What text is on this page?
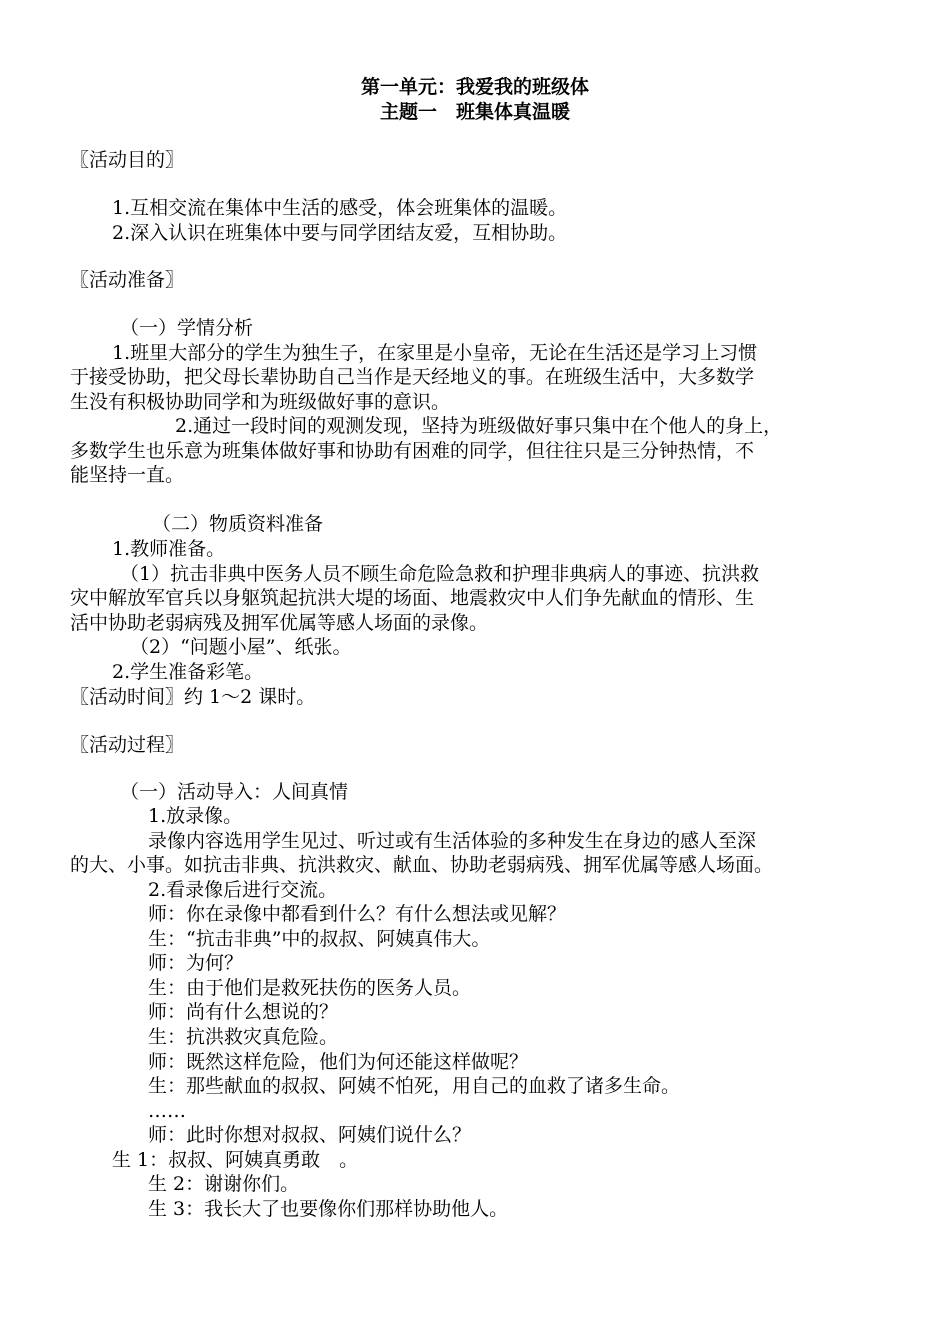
第一单元：我爱我的班级体
主题一　班集体真温暖
〖活动目的〗
1.互相交流在集体中生活的感受，体会班集体的温暖。
2.深入认识在班集体中要与同学团结友爱，互相协助。
〖活动准备〗
（一）学情分析
1.班里大部分的学生为独生子，在家里是小皇帝，无论在生活还是学习上习惯
于接受协助，把父母长辈协助自己当作是天经地义的事。在班级生活中，大多数学
生没有积极协助同学和为班级做好事的意识。
2.通过一段时间的观测发现，坚持为班级做好事只集中在个他人的身上，
多数学生也乐意为班集体做好事和协助有困难的同学，但往往只是三分钟热情，不
能坚持一直。
（二）物质资料准备
1.教师准备。
（1）抗击非典中医务人员不顾生命危险急救和护理非典病人的事迹、抗洪救
灾中解放军官兵以身躯筑起抗洪大堤的场面、地震救灾中人们争先献血的情形、生
活中协助老弱病残及拥军优属等感人场面的录像。
（2）“问题小屋”、纸张。
2.学生准备彩笔。
〖活动时间〗约 1～2 课时。
〖活动过程〗
（一）活动导入：人间真情
1.放录像。
录像内容选用学生见过、听过或有生活体验的多种发生在身边的感人至深
的大、小事。如抗击非典、抗洪救灾、献血、协助老弱病残、拥军优属等感人场面。
2.看录像后进行交流。
师：你在录像中都看到什么？有什么想法或见解？
生：“抗击非典”中的叔叔、阿姨真伟大。
师：为何？
生：由于他们是救死扶伤的医务人员。
师：尚有什么想说的？
生：抗洪救灾真危险。
师：既然这样危险，他们为何还能这样做呢？
生：那些献血的叔叔、阿姨不怕死，用自己的血救了诸多生命。
……
师：此时你想对叔叔、阿姨们说什么？
生 1：叔叔、阿姨真勇敢　。
生 2：谢谢你们。
生 3：我长大了也要像你们那样协助他人。
